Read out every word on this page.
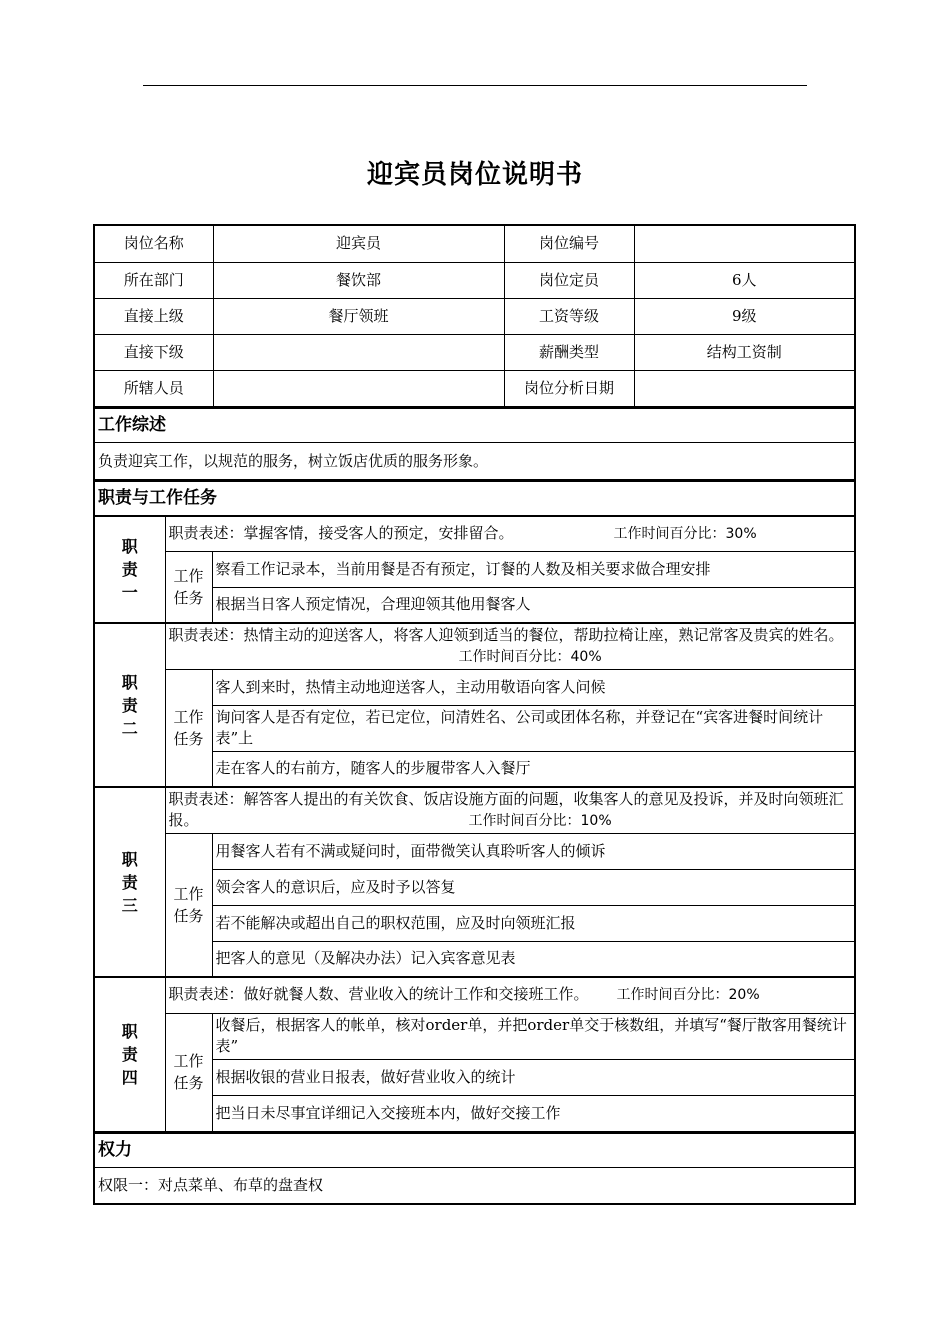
迎宾员岗位说明书
岗位名称	迎宾员	岗位编号	
所在部门	餐饮部	岗位定员	6人
直接上级	餐厅领班	工资等级	9级
直接下级		薪酬类型	结构工资制
所辖人员		岗位分析日期	
工作综述
负责迎宾工作，以规范的服务，树立饭店优质的服务形象。
职责与工作任务		

职
责
一	职责表述：掌握客情，接受客人的预定，安排留合。 工作时间百分比：30%	

	工作
任务	察看工作记录本，当前用餐是否有预定，订餐的人数及相关要求做合理安排
		根据当日客人预定情况，合理迎领其他用餐客人

职
责
二	职责表述：热情主动的迎送客人，将客人迎领到适当的餐位，帮助拉椅让座，熟记常客及贵宾的姓名。工作时间百分比：40%	

	工作
任务	客人到来时，热情主动地迎送客人，主动用敬语向客人问候
		询问客人是否有定位，若已定位，问清姓名、公司或团体名称，并登记在“宾客进餐时间统计表”上
		走在客人的右前方，随客人的步履带客人入餐厅

职
责
三	职责表述：解答客人提出的有关饮食、饭店设施方面的问题，收集客人的意见及投诉，并及时向领班汇报。 工作时间百分比：10%	

	工作
任务	用餐客人若有不满或疑问时，面带微笑认真聆听客人的倾诉
		领会客人的意识后，应及时予以答复
		若不能解决或超出自己的职权范围，应及时向领班汇报
		把客人的意见（及解决办法）记入宾客意见表

职
责
四	职责表述：做好就餐人数、营业收入的统计工作和交接班工作。 工作时间百分比：20%	

	工作
任务	收餐后，根据客人的帐单，核对order单，并把order单交于核数组，并填写“餐厅散客用餐统计表”
		根据收银的营业日报表，做好营业收入的统计
		把当日未尽事宜详细记入交接班本内，做好交接工作
权力
权限一：对点菜单、布草的盘查权
